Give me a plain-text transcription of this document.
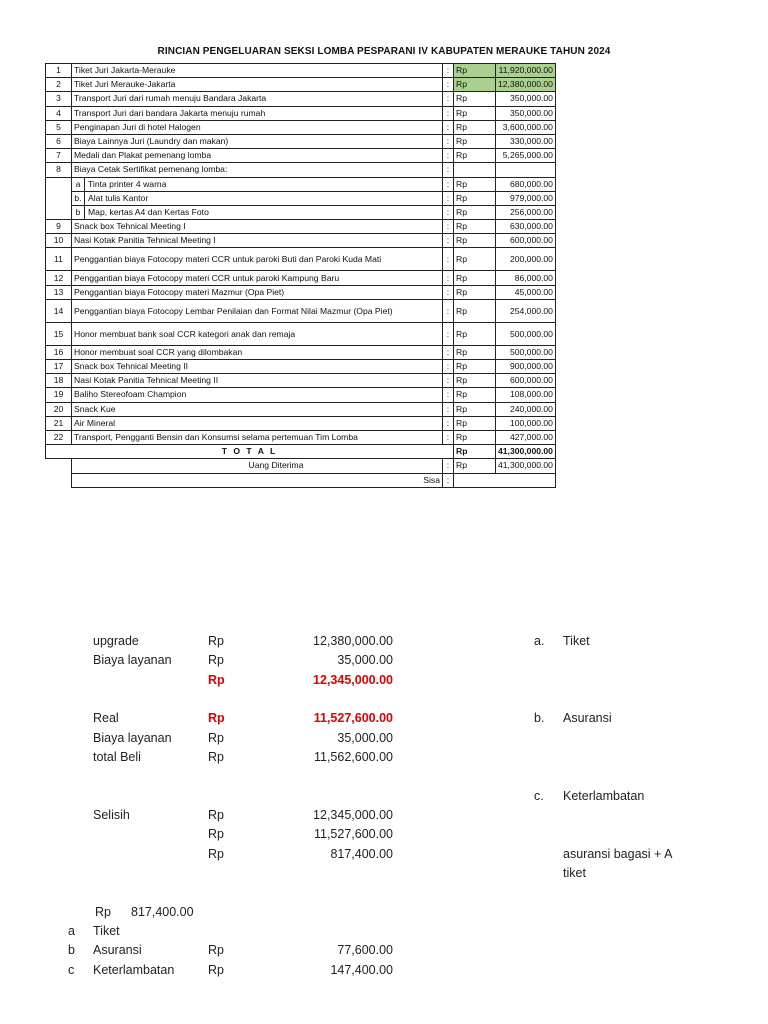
RINCIAN PENGELUARAN SEKSI LOMBA PESPARANI IV KABUPATEN MERAUKE TAHUN 2024
1	Tiket Juri Jakarta-Merauke	:	Rp	11,920,000.00
2	Tiket Juri Merauke-Jakarta	:	Rp	12,380,000.00
3	Transport Juri dari rumah menuju Bandara Jakarta	:	Rp	350,000.00
4	Transport Juri dari bandara Jakarta menuju rumah	:	Rp	350,000.00
5	Penginapan Juri di hotel Halogen	:	Rp	3,600,000.00
6	Biaya Lainnya Juri (Laundry dan makan)	:	Rp	330,000.00
7	Medali dan Plakat pemenang lomba	:	Rp	5,265,000.00
8	Biaya Cetak Sertifikat pemenang lomba:	:		
	a Tinta printer 4 warna	:	Rp	680,000.00
	b. Alat tulis Kantor	:	Rp	979,000.00
	b Map, kertas A4 dan Kertas Foto	:	Rp	256,000.00
9	Snack box Tehnical Meeting I	:	Rp	630,000.00
10	Nasi Kotak Panitia Tehnical Meeting I	:	Rp	600,000.00
11	Penggantian biaya Fotocopy materi CCR untuk paroki Buti dan Paroki Kuda Mati	:	Rp	200,000.00
12	Penggantian biaya Fotocopy materi CCR untuk paroki Kampung Baru	:	Rp	86,000.00
13	Penggantian biaya Fotocopy materi Mazmur (Opa Piet)	:	Rp	45,000.00
14	Penggantian biaya Fotocopy Lembar Penilaian dan Format Nilai Mazmur (Opa Piet)	:	Rp	254,000.00
15	Honor membuat bank soal CCR kategori anak dan remaja	:	Rp	500,000.00
16	Honor membuat soal CCR yang dilombakan	:	Rp	500,000.00
17	Snack box Tehnical Meeting II	:	Rp	900,000.00
18	Nasi Kotak Panitia Tehnical Meeting II	:	Rp	600,000.00
19	Baliho Stereofoam Champion	:	Rp	108,000.00
20	Snack Kue	:	Rp	240,000.00
21	Air Mineral	:	Rp	100,000.00
22	Transport, Pengganti Bensin dan Konsumsi selama pertemuan Tim Lomba	:	Rp	427,000.00
T O T A L			Rp	41,300,000.00
	Uang Diterima	:	Rp	41,300,000.00
	Sisa	:		
upgrade	Rp	12,380,000.00
Biaya layanan	Rp	35,000.00
Rp	12,345,000.00
Real	Rp	11,527,600.00
Biaya layanan	Rp	35,000.00
total Beli	Rp	11,562,600.00
Selisih	Rp	12,345,000.00
Rp	11,527,600.00
Rp	817,400.00
a. Tiket
b. Asuransi
c. Keterlambatan
asuransi bagasi + A
tiket
Rp 817,400.00
a Tiket
b Asuransi	Rp	77,600.00
c Keterlambatan	Rp	147,400.00
